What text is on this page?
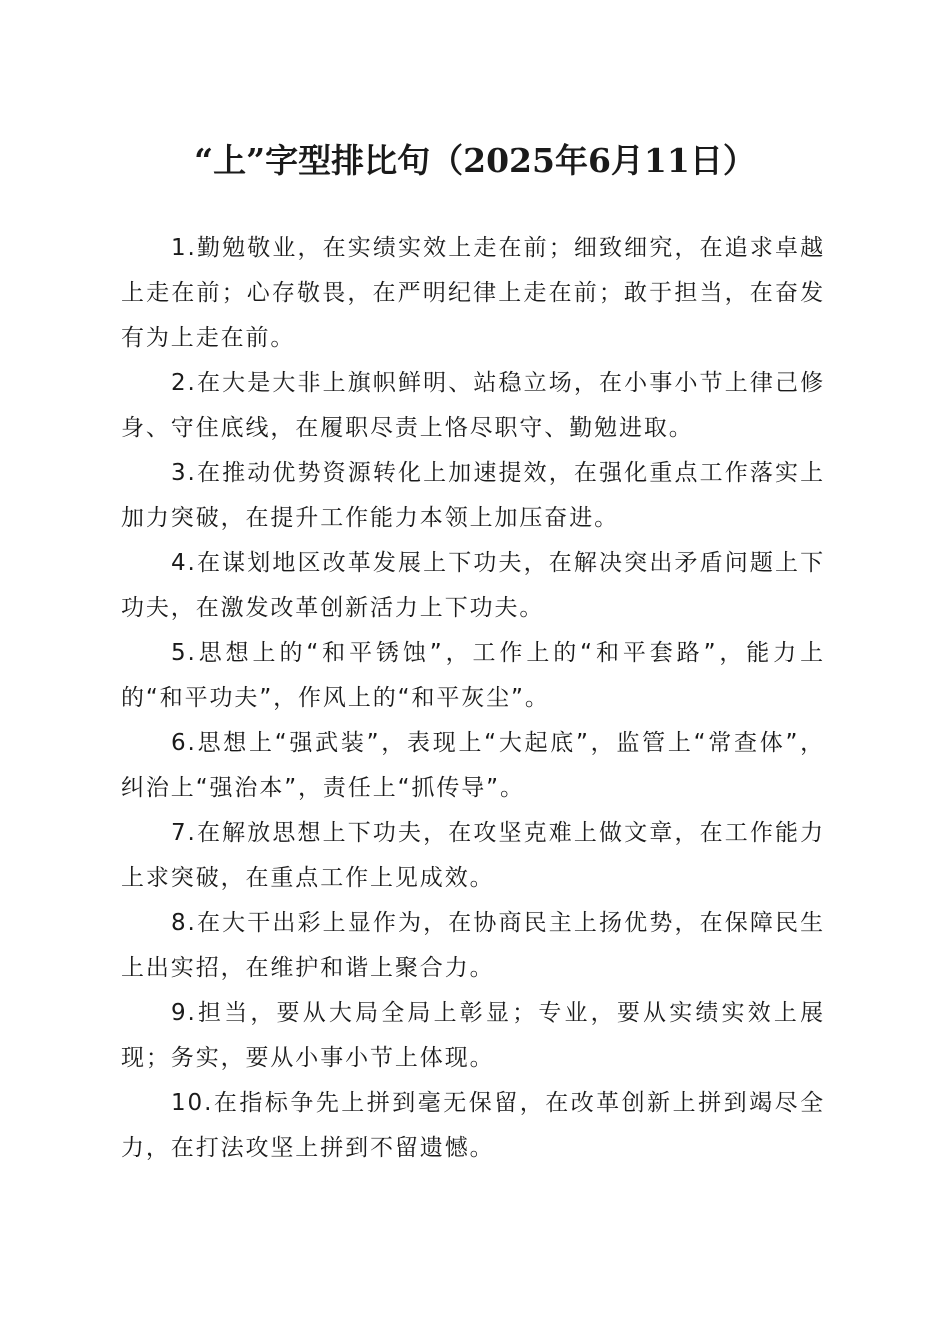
“上”字型排比句（2025年6月11日）

1.勤勉敬业，在实绩实效上走在前；细致细究，在追求卓越上走在前；心存敬畏，在严明纪律上走在前；敢于担当，在奋发有为上走在前。

2.在大是大非上旗帜鲜明、站稳立场，在小事小节上律己修身、守住底线，在履职尽责上恪尽职守、勤勉进取。

3.在推动优势资源转化上加速提效，在强化重点工作落实上加力突破，在提升工作能力本领上加压奋进。

4.在谋划地区改革发展上下功夫，在解决突出矛盾问题上下功夫，在激发改革创新活力上下功夫。

5.思想上的“和平锈蚀”，工作上的“和平套路”，能力上的“和平功夫”，作风上的“和平灰尘”。

6.思想上“强武装”，表现上“大起底”，监管上“常查体”，纠治上“强治本”，责任上“抓传导”。

7.在解放思想上下功夫，在攻坚克难上做文章，在工作能力上求突破，在重点工作上见成效。

8.在大干出彩上显作为，在协商民主上扬优势，在保障民生上出实招，在维护和谐上聚合力。

9.担当，要从大局全局上彰显；专业，要从实绩实效上展现；务实，要从小事小节上体现。

10.在指标争先上拼到毫无保留，在改革创新上拼到竭尽全力，在打法攻坚上拼到不留遗憾。
